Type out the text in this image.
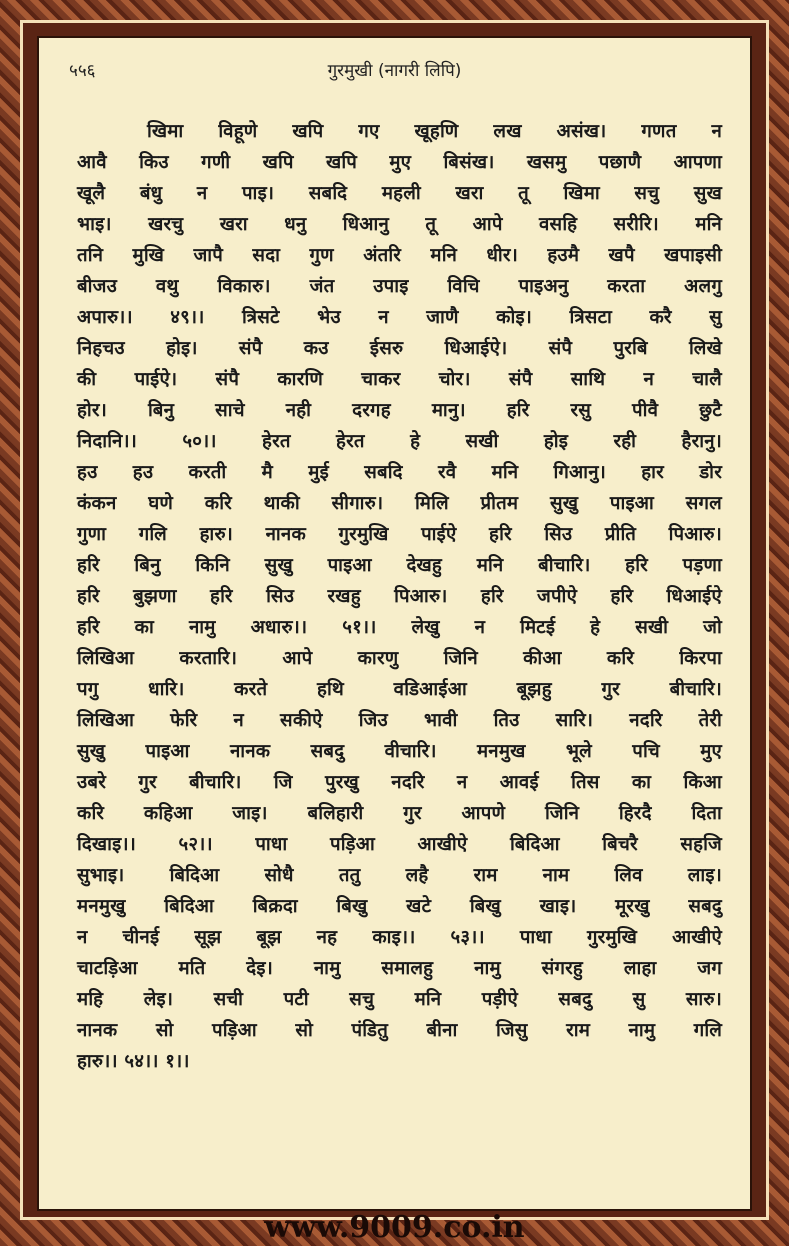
५५६	गुरमुखी (नागरी लिपि)
खिमा विहूणे खपि गए खूहणि लख असंख। गणत न
आवै किउ गणी खपि खपि मुए बिसंख। खसमु पछाणै आपणा
खूलै बंधु न पाइ। सबदि महली खरा तू खिमा सचु सुख
भाइ। खरचु खरा धनु धिआनु तू आपे वसहि सरीरि। मनि
तनि मुखि जापै सदा गुण अंतरि मनि धीर। हउमै खपै खपाइसी
बीजउ वथु विकारु। जंत उपाइ विचि पाइअनु करता अलगु
अपारु।। ४९।। त्रिसटे भेउ न जाणै कोइ। त्रिसटा करै सु
निहचउ होइ। संपै कउ ईसरु धिआईऐ। संपै पुरबि लिखे
की पाईऐ। संपै कारणि चाकर चोर। संपै साथि न चालै
होर। बिनु साचे नही दरगह मानु। हरि रसु पीवै छुटै
निदानि।। ५०।। हेरत हेरत हे सखी होइ रही हैरानु।
हउ हउ करती मै मुई सबदि रवै मनि गिआनु। हार डोर
कंकन घणे करि थाकी सीगारु। मिलि प्रीतम सुखु पाइआ सगल
गुणा गलि हारु। नानक गुरमुखि पाईऐ हरि सिउ प्रीति पिआरु।
हरि बिनु किनि सुखु पाइआ देखहु मनि बीचारि। हरि पड़णा
हरि बुझणा हरि सिउ रखहु पिआरु। हरि जपीऐ हरि धिआईऐ
हरि का नामु अधारु।। ५१।। लेखु न मिटई हे सखी जो
लिखिआ करतारि। आपे कारणु जिनि कीआ करि किरपा
पगु धारि। करते हथि वडिआईआ बूझहु गुर बीचारि।
लिखिआ फेरि न सकीऐ जिउ भावी तिउ सारि। नदरि तेरी
सुखु पाइआ नानक सबदु वीचारि। मनमुख भूले पचि मुए
उबरे गुर बीचारि। जि पुरखु नदरि न आवई तिस का किआ
करि कहिआ जाइ। बलिहारी गुर आपणे जिनि हिरदै दिता
दिखाइ।। ५२।। पाधा पड़िआ आखीऐ बिदिआ बिचरै सहजि
सुभाइ। बिदिआ सोधै ततु लहै राम नाम लिव लाइ।
मनमुखु बिदिआ बिक्रदा बिखु खटे बिखु खाइ। मूरखु सबदु
न चीनई सूझ बूझ नह काइ।। ५३।। पाधा गुरमुखि आखीऐ
चाटड़िआ मति देइ। नामु समालहु नामु संगरहु लाहा जग
महि लेइ। सची पटी सचु मनि पड़ीऐ सबदु सु सारु।
नानक सो पड़िआ सो पंडितु बीना जिसु राम नामु गलि
हारु।। ५४।। १।।
www.9009.co.in
